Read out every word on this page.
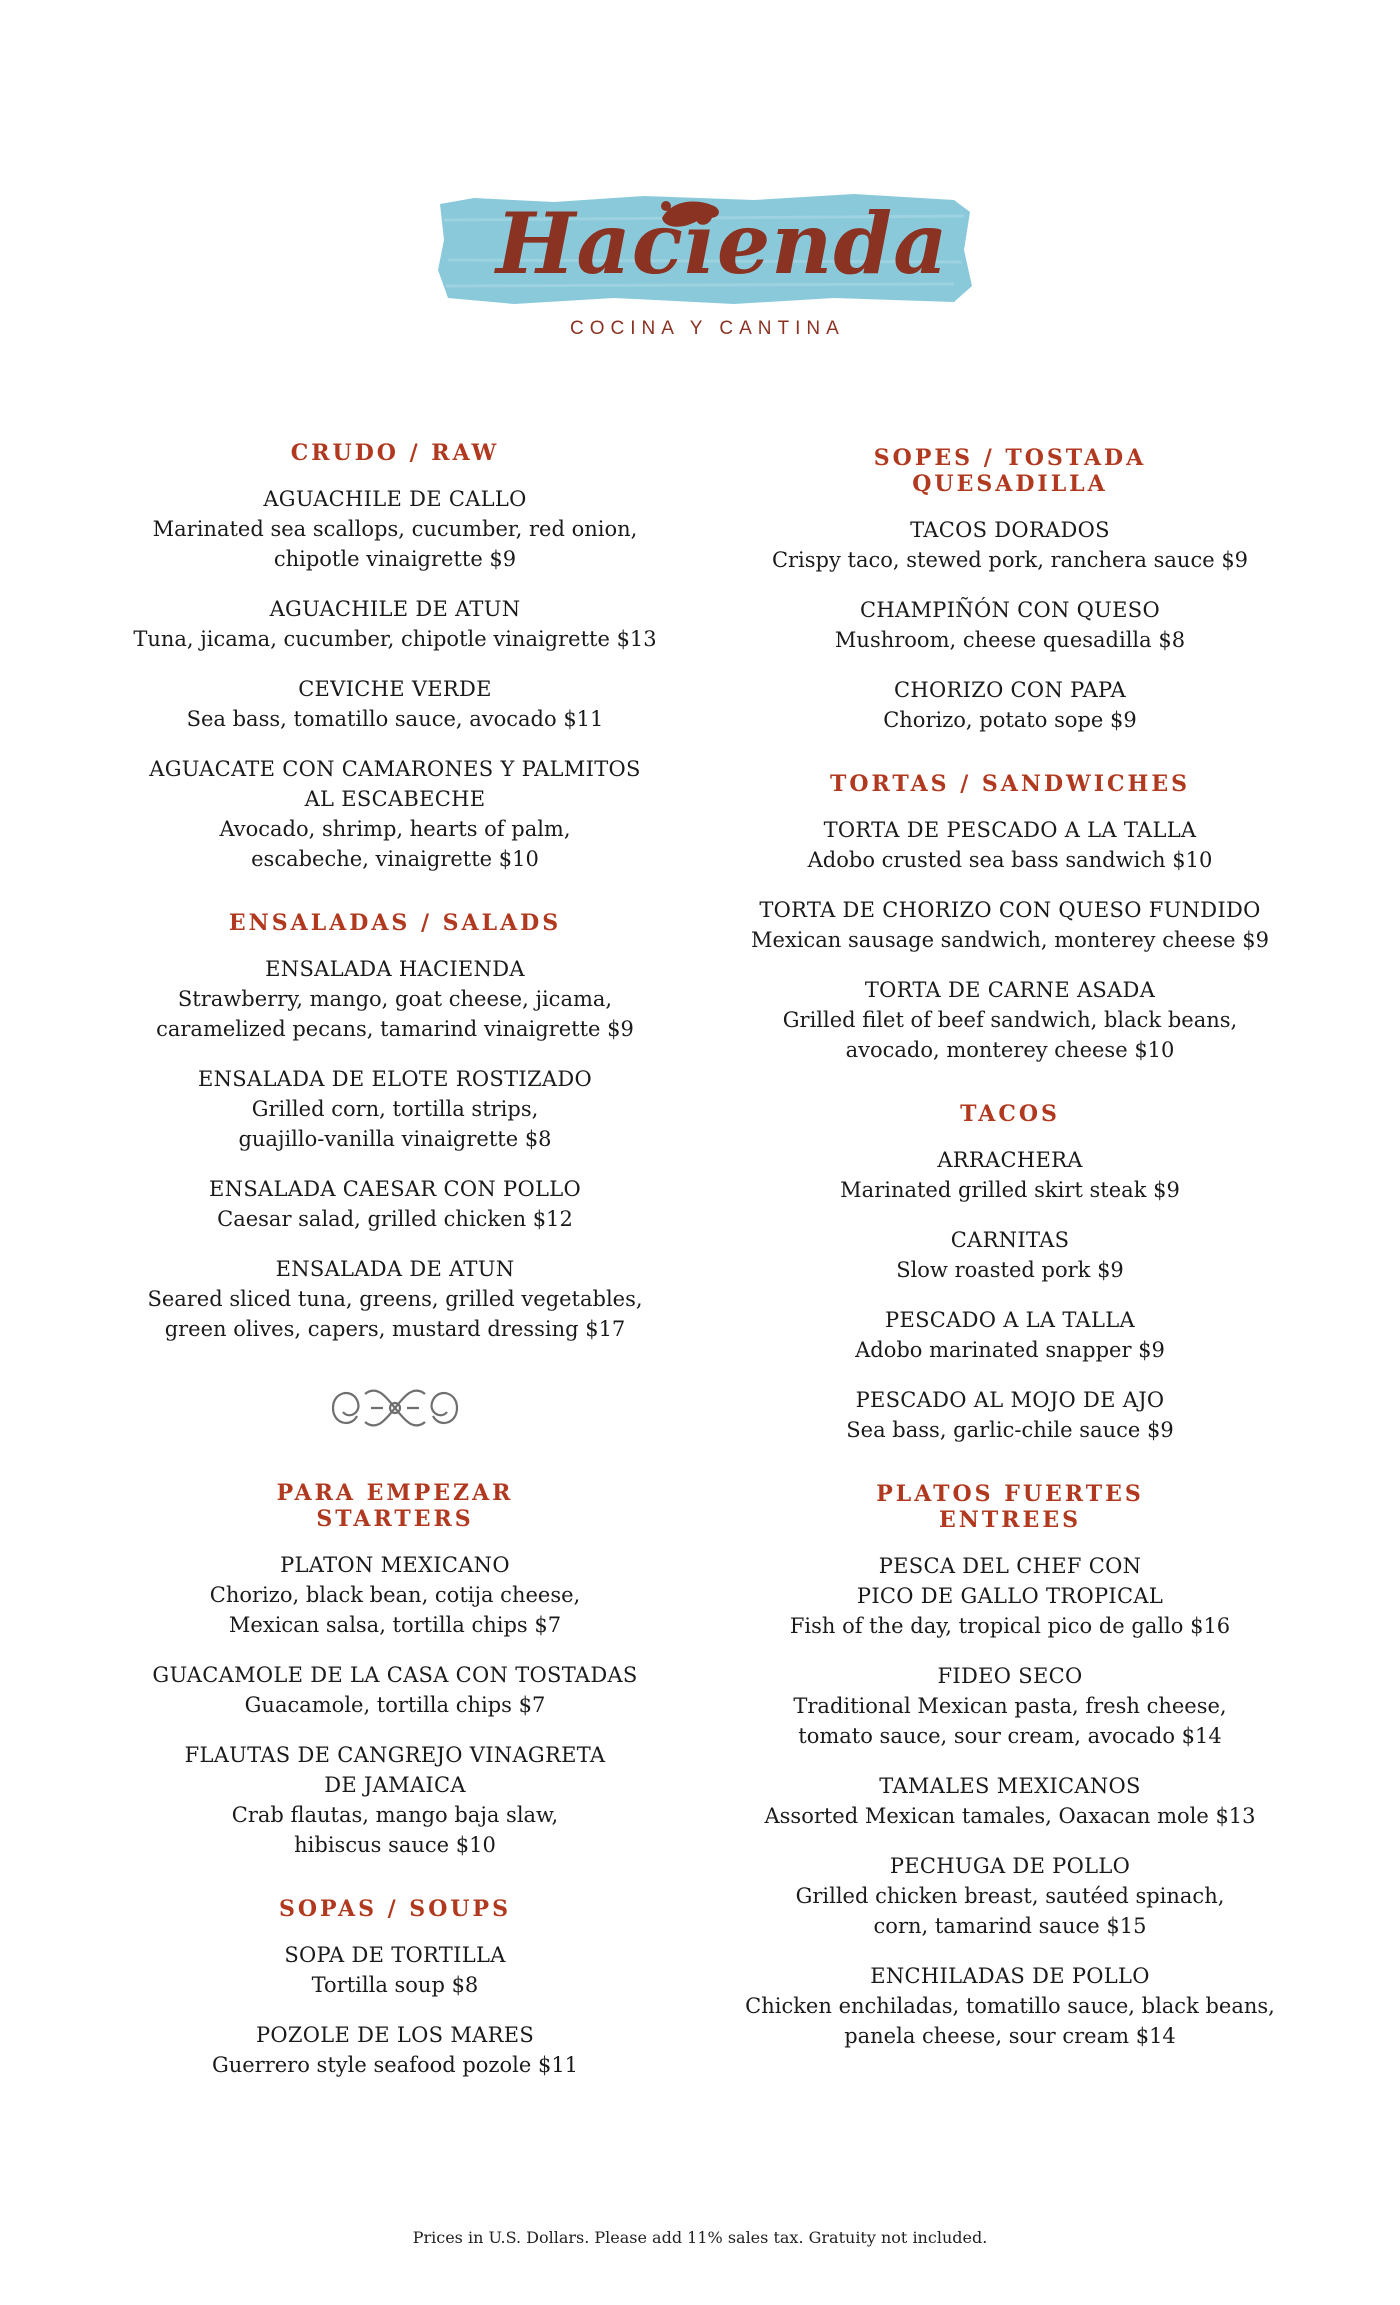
Hacienda
COCINA Y CANTINA
CRUDO / RAW
AGUACHILE DE CALLO
Marinated sea scallops, cucumber, red onion,
chipotle vinaigrette $9
AGUACHILE DE ATUN
Tuna, jicama, cucumber, chipotle vinaigrette $13
CEVICHE VERDE
Sea bass, tomatillo sauce, avocado $11
AGUACATE CON CAMARONES Y PALMITOS
AL ESCABECHE
Avocado, shrimp, hearts of palm,
escabeche, vinaigrette $10
ENSALADAS / SALADS
ENSALADA HACIENDA
Strawberry, mango, goat cheese, jicama,
caramelized pecans, tamarind vinaigrette $9
ENSALADA DE ELOTE ROSTIZADO
Grilled corn, tortilla strips,
guajillo-vanilla vinaigrette $8
ENSALADA CAESAR CON POLLO
Caesar salad, grilled chicken $12
ENSALADA DE ATUN
Seared sliced tuna, greens, grilled vegetables,
green olives, capers, mustard dressing $17
PARA EMPEZAR
STARTERS
PLATON MEXICANO
Chorizo, black bean, cotija cheese,
Mexican salsa, tortilla chips $7
GUACAMOLE DE LA CASA CON TOSTADAS
Guacamole, tortilla chips $7
FLAUTAS DE CANGREJO VINAGRETA
DE JAMAICA
Crab flautas, mango baja slaw,
hibiscus sauce $10
SOPAS / SOUPS
SOPA DE TORTILLA
Tortilla soup $8
POZOLE DE LOS MARES
Guerrero style seafood pozole $11
SOPES / TOSTADA
QUESADILLA
TACOS DORADOS
Crispy taco, stewed pork, ranchera sauce $9
CHAMPIÑÓN CON QUESO
Mushroom, cheese quesadilla $8
CHORIZO CON PAPA
Chorizo, potato sope $9
TORTAS / SANDWICHES
TORTA DE PESCADO A LA TALLA
Adobo crusted sea bass sandwich $10
TORTA DE CHORIZO CON QUESO FUNDIDO
Mexican sausage sandwich, monterey cheese $9
TORTA DE CARNE ASADA
Grilled filet of beef sandwich, black beans,
avocado, monterey cheese $10
TACOS
ARRACHERA
Marinated grilled skirt steak $9
CARNITAS
Slow roasted pork $9
PESCADO A LA TALLA
Adobo marinated snapper $9
PESCADO AL MOJO DE AJO
Sea bass, garlic-chile sauce $9
PLATOS FUERTES
ENTREES
PESCA DEL CHEF CON
PICO DE GALLO TROPICAL
Fish of the day, tropical pico de gallo $16
FIDEO SECO
Traditional Mexican pasta, fresh cheese,
tomato sauce, sour cream, avocado $14
TAMALES MEXICANOS
Assorted Mexican tamales, Oaxacan mole $13
PECHUGA DE POLLO
Grilled chicken breast, sautéed spinach,
corn, tamarind sauce $15
ENCHILADAS DE POLLO
Chicken enchiladas, tomatillo sauce, black beans,
panela cheese, sour cream $14
Prices in U.S. Dollars. Please add 11% sales tax. Gratuity not included.
